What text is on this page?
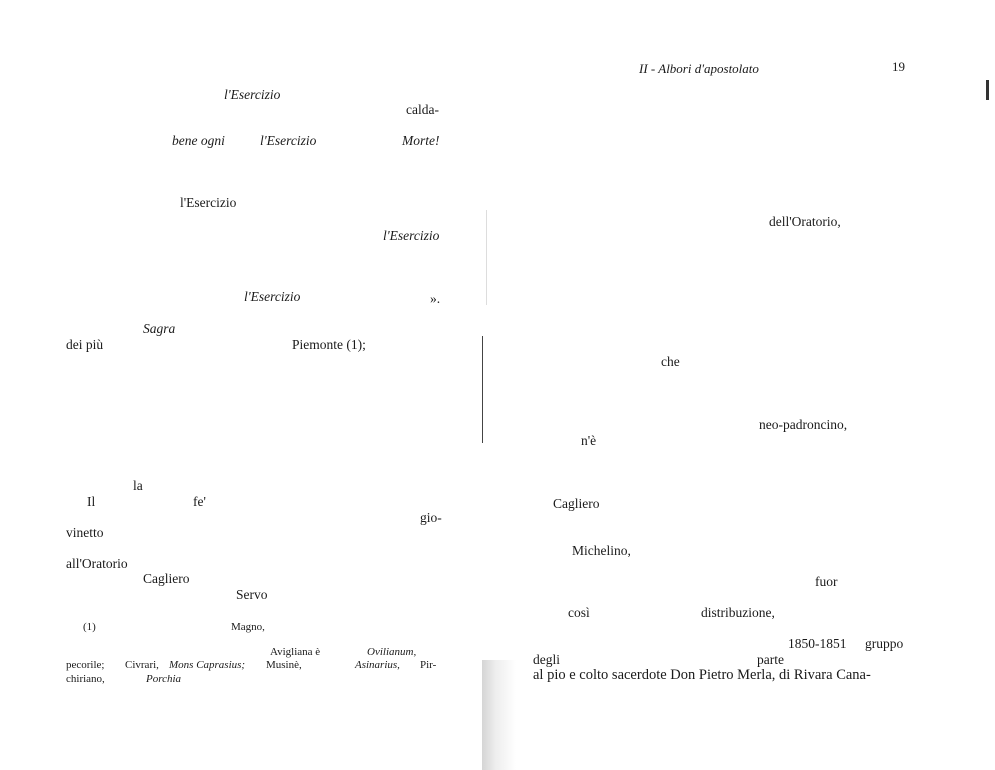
l'Esercizio
calda-
bene ogni	l'Esercizio	Morte!
l'Esercizio
l'Esercizio
l'Esercizio	».
Sagra
dei più	Piemonte (1);
la
Il	fe'
gio-
vinetto
all'Oratorio
Cagliero
Servo
(1)	Magno,
Avigliana è	Ovilianum,
pecorile; Civrari, Mons Caprasius; Musinè,	Asinarius, Pir-
chiriano,	Porchia
II - Albori d'apostolato	19
dell'Oratorio,
che
neo-padroncino,
n'è
Cagliero
Michelino,
fuor
così	distribuzione,
1850-1851 gruppo
degli	parte
al pio e colto sacerdote Don Pietro Merla, di Rivara Cana-
